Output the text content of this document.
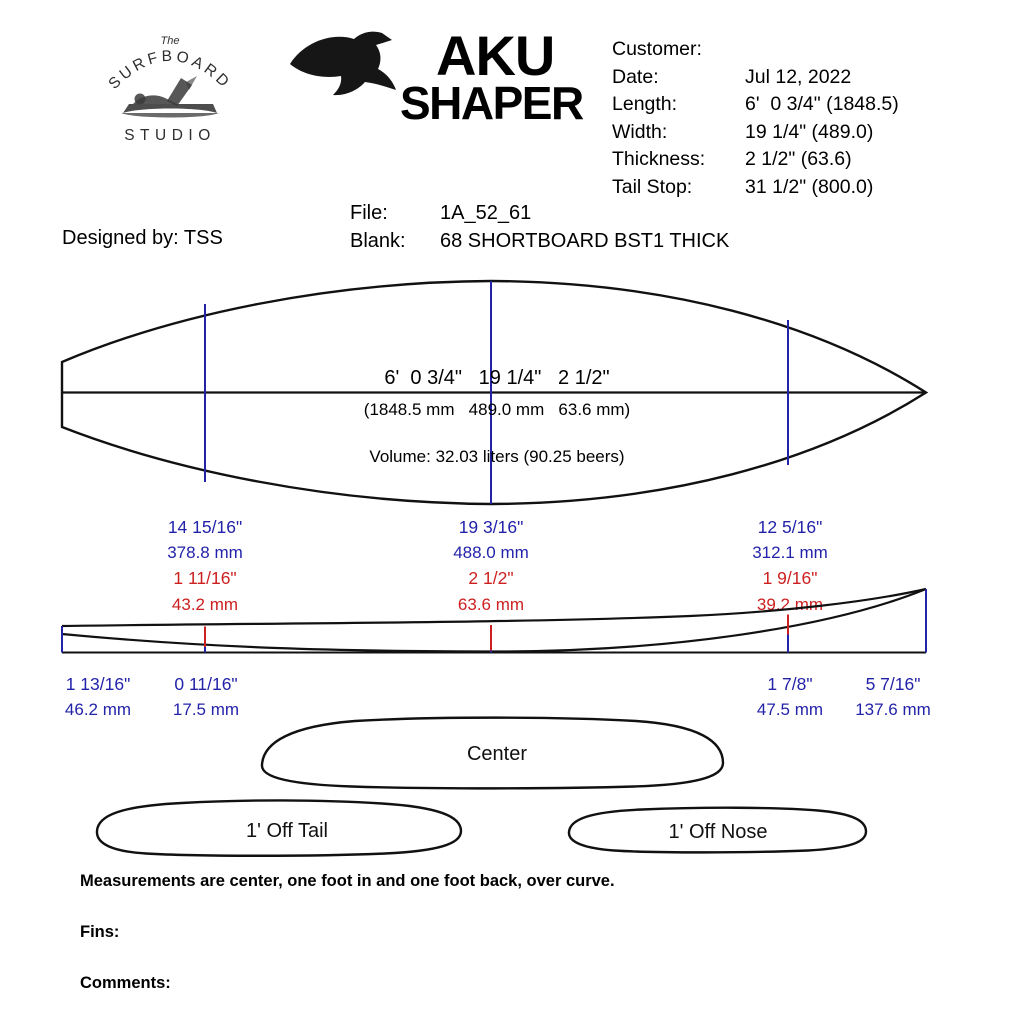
The
SURFBOARD
STUDIO
AKU
SHAPER
Customer:
Date:	Jul 12, 2022
Length:	6'  0 3/4" (1848.5)
Width:	19 1/4" (489.0)
Thickness:	2 1/2" (63.6)
Tail Stop:	31 1/2" (800.0)
File:	1A_52_61
Blank:	68 SHORTBOARD BST1 THICK
Designed by: TSS
6'  0 3/4"   19 1/4"   2 1/2"
(1848.5 mm   489.0 mm   63.6 mm)
Volume: 32.03 liters (90.25 beers)
14 15/16"
378.8 mm
19 3/16"
488.0 mm
12 5/16"
312.1 mm
1 11/16"
43.2 mm
2 1/2"
63.6 mm
1 9/16"
39.2 mm
1 13/16"
46.2 mm
0 11/16"
17.5 mm
1 7/8"
47.5 mm
5 7/16"
137.6 mm
Center
1' Off Tail	1' Off Nose
Measurements are center, one foot in and one foot back, over curve.
Fins:
Comments:
